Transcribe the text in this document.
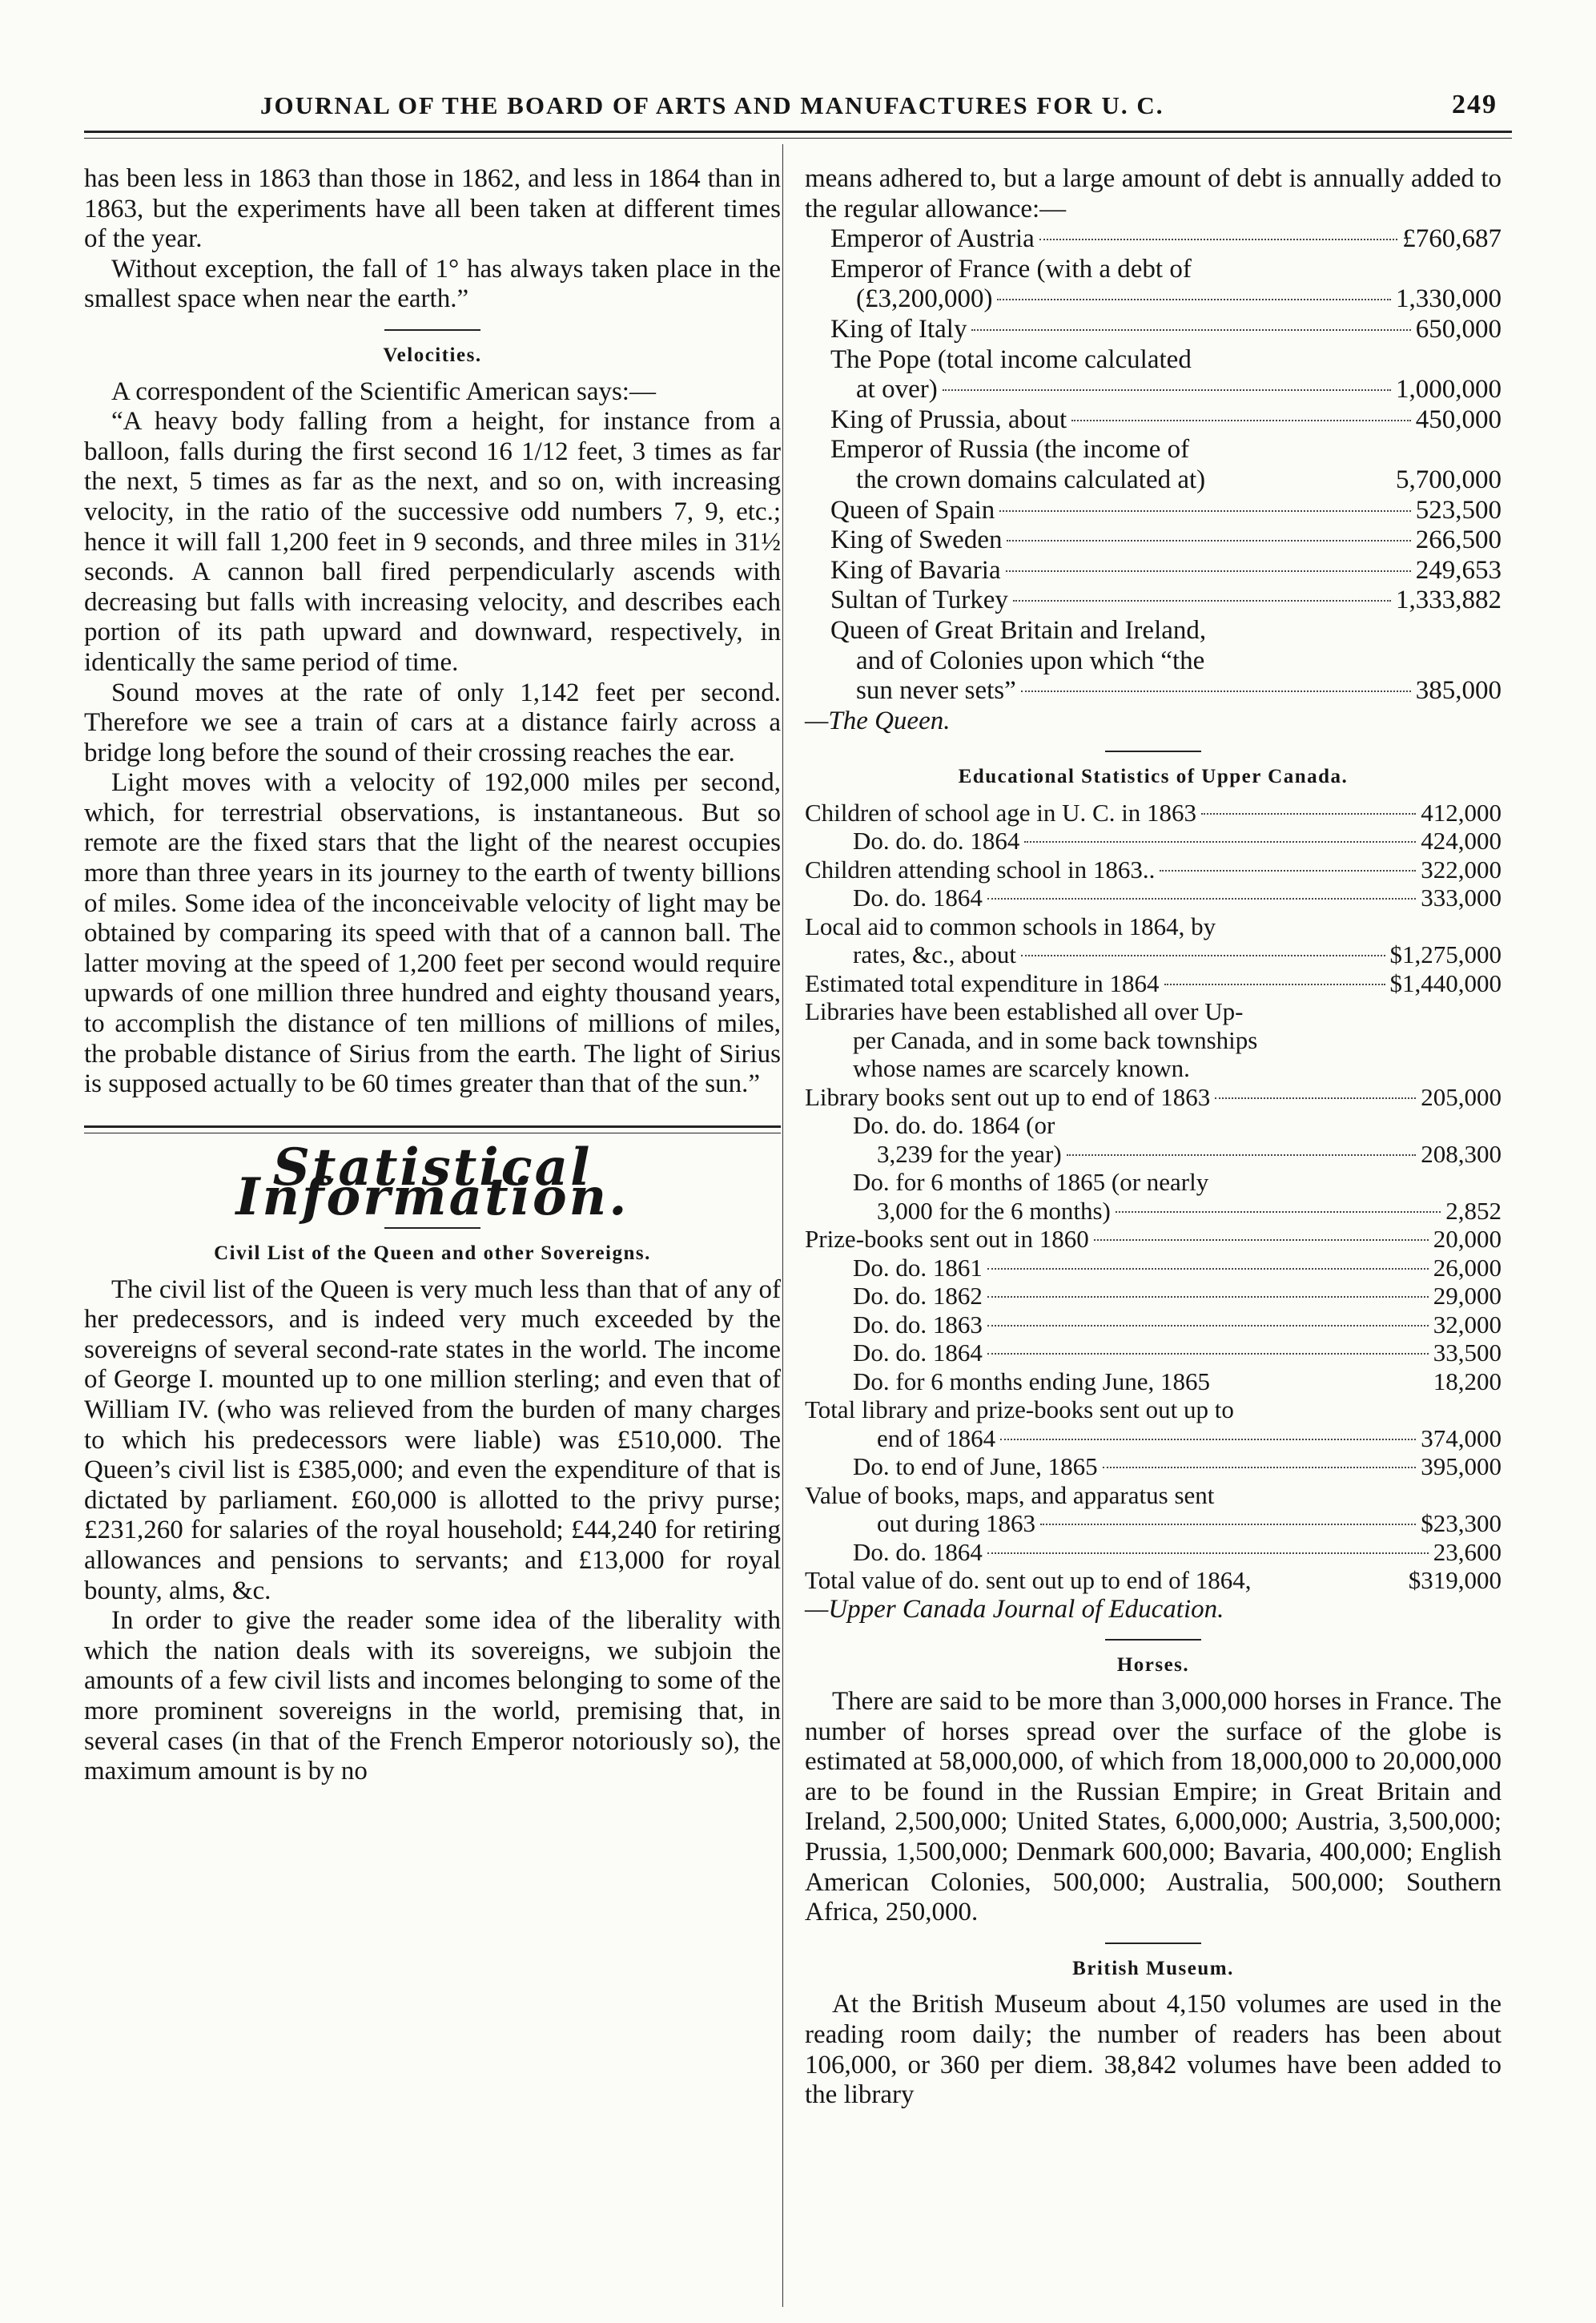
JOURNAL OF THE BOARD OF ARTS AND MANUFACTURES FOR U. C.	249

has been less in 1863 than those in 1862, and less in 1864 than in 1863, but the experiments have all been taken at different times of the year.

Without exception, the fall of 1° has always taken place in the smallest space when near the earth.”

Velocities.

A correspondent of the Scientific American says:—

“A heavy body falling from a height, for instance from a balloon, falls during the first second 16 1/12 feet, 3 times as far the next, 5 times as far as the next, and so on, with increasing velocity, in the ratio of the successive odd numbers 7, 9, etc.; hence it will fall 1,200 feet in 9 seconds, and three miles in 31½ seconds. A cannon ball fired perpendicularly ascends with decreasing but falls with increasing velocity, and describes each portion of its path upward and downward, respectively, in identically the same period of time.

Sound moves at the rate of only 1,142 feet per second. Therefore we see a train of cars at a distance fairly across a bridge long before the sound of their crossing reaches the ear.

Light moves with a velocity of 192,000 miles per second, which, for terrestrial observations, is instantaneous. But so remote are the fixed stars that the light of the nearest occupies more than three years in its journey to the earth of twenty billions of miles. Some idea of the inconceivable velocity of light may be obtained by comparing its speed with that of a cannon ball. The latter moving at the speed of 1,200 feet per second would require upwards of one million three hundred and eighty thousand years, to accomplish the distance of ten millions of millions of miles, the probable distance of Sirius from the earth. The light of Sirius is supposed actually to be 60 times greater than that of the sun.”

Statistical Information.
Civil List of the Queen and other Sovereigns.

The civil list of the Queen is very much less than that of any of her predecessors, and is indeed very much exceeded by the sovereigns of several second-rate states in the world. The income of George I. mounted up to one million sterling; and even that of William IV. (who was relieved from the burden of many charges to which his predecessors were liable) was £510,000. The Queen’s civil list is £385,000; and even the expenditure of that is dictated by parliament. £60,000 is allotted to the privy purse; £231,260 for salaries of the royal household; £44,240 for retiring allowances and pensions to servants; and £13,000 for royal bounty, alms, &c.

In order to give the reader some idea of the liberality with which the nation deals with its sovereigns, we subjoin the amounts of a few civil lists and incomes belonging to some of the more prominent sovereigns in the world, premising that, in several cases (in that of the French Emperor notoriously so), the maximum amount is by no

means adhered to, but a large amount of debt is annually added to the regular allowance:—

Emperor of Austria	£760,687
Emperor of France (with a debt of
(£3,200,000)	1,330,000
King of Italy	650,000
The Pope (total income calculated
at over)	1,000,000
King of Prussia, about	450,000
Emperor of Russia (the income of
the crown domains calculated at)	5,700,000
Queen of Spain	523,500
King of Sweden	266,500
King of Bavaria	249,653
Sultan of Turkey	1,333,882
Queen of Great Britain and Ireland,
and of Colonies upon which “the
sun never sets”	385,000

—The Queen.

Educational Statistics of Upper Canada.
Children of school age in U. C. in 1863	412,000
Do. do. do. 1864	424,000
Children attending school in 1863..	322,000
Do. do. 1864	333,000
Local aid to common schools in 1864, by
rates, &c., about	$1,275,000
Estimated total expenditure in 1864	$1,440,000
Libraries have been established all over Up-
per Canada, and in some back townships
whose names are scarcely known.
Library books sent out up to end of 1863	205,000
Do. do. do. 1864 (or
3,239 for the year)	208,300
Do. for 6 months of 1865 (or nearly
3,000 for the 6 months)	2,852
Prize-books sent out in 1860	20,000
Do. do. 1861	26,000
Do. do. 1862	29,000
Do. do. 1863	32,000
Do. do. 1864	33,500
Do. for 6 months ending June, 1865	18,200
Total library and prize-books sent out up to
end of 1864	374,000
Do. to end of June, 1865	395,000
Value of books, maps, and apparatus sent
out during 1863	$23,300
Do. do. 1864	23,600
Total value of do. sent out up to end of 1864,	$319,000

—Upper Canada Journal of Education.

Horses.

There are said to be more than 3,000,000 horses in France. The number of horses spread over the surface of the globe is estimated at 58,000,000, of which from 18,000,000 to 20,000,000 are to be found in the Russian Empire; in Great Britain and Ireland, 2,500,000; United States, 6,000,000; Austria, 3,500,000; Prussia, 1,500,000; Denmark 600,000; Bavaria, 400,000; English American Colonies, 500,000; Australia, 500,000; Southern Africa, 250,000.

British Museum.

At the British Museum about 4,150 volumes are used in the reading room daily; the number of readers has been about 106,000, or 360 per diem. 38,842 volumes have been added to the library
